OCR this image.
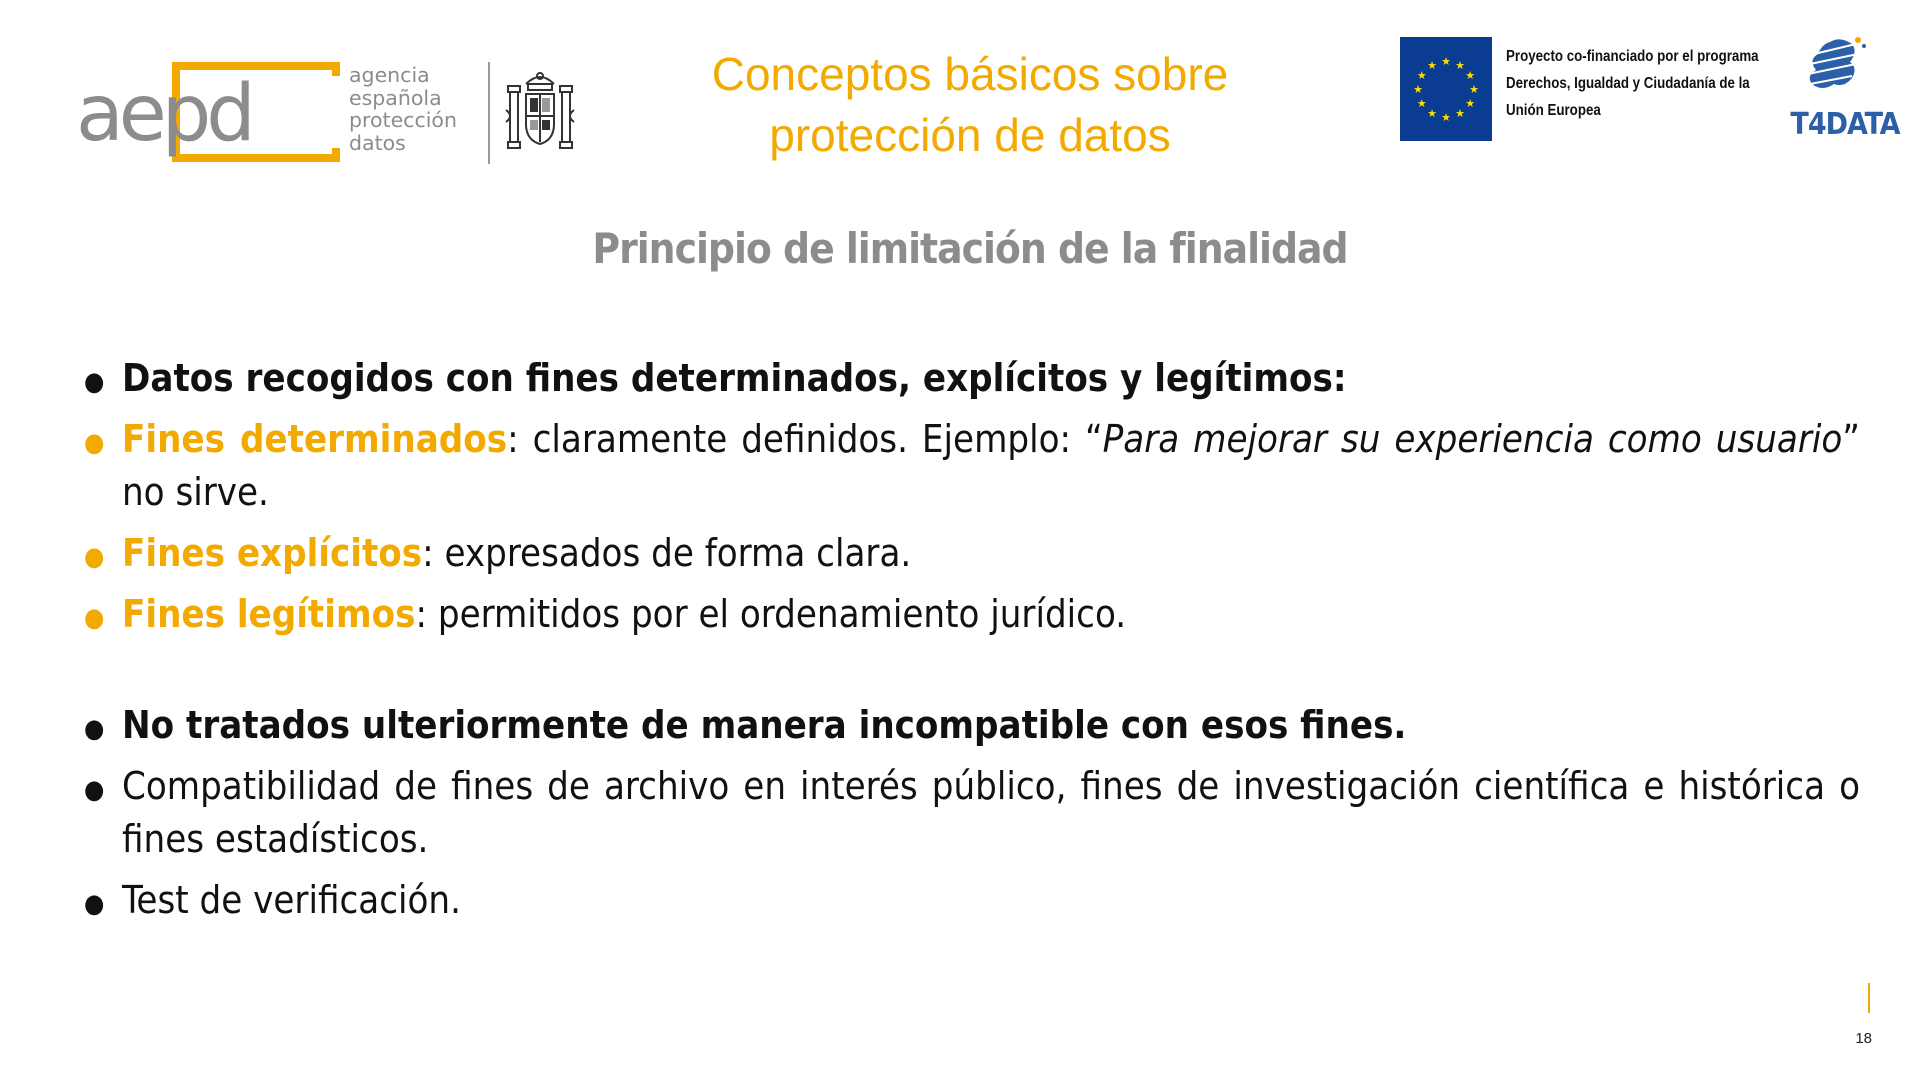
aepd	agencia
española
protección
datos
Conceptos básicos sobre
protección de datos
★ ★
★
★
★
★
★
★
★
★
★
★
Proyecto co-financiado por el programa
Derechos, Igualdad y Ciudadanía de la
Unión Europea	T4DATA
Principio de limitación de la finalidad
● Datos recogidos con fines determinados, explícitos y legítimos:
● Fines determinados: claramente definidos. Ejemplo: “Para mejorar su experiencia como usuario” no sirve.
● Fines explícitos: expresados de forma clara.
● Fines legítimos: permitidos por el ordenamiento jurídico.
● No tratados ulteriormente de manera incompatible con esos fines.
● Compatibilidad de fines de archivo en interés público, fines de investigación científica e histórica o fines estadísticos.
● Test de verificación.
18
